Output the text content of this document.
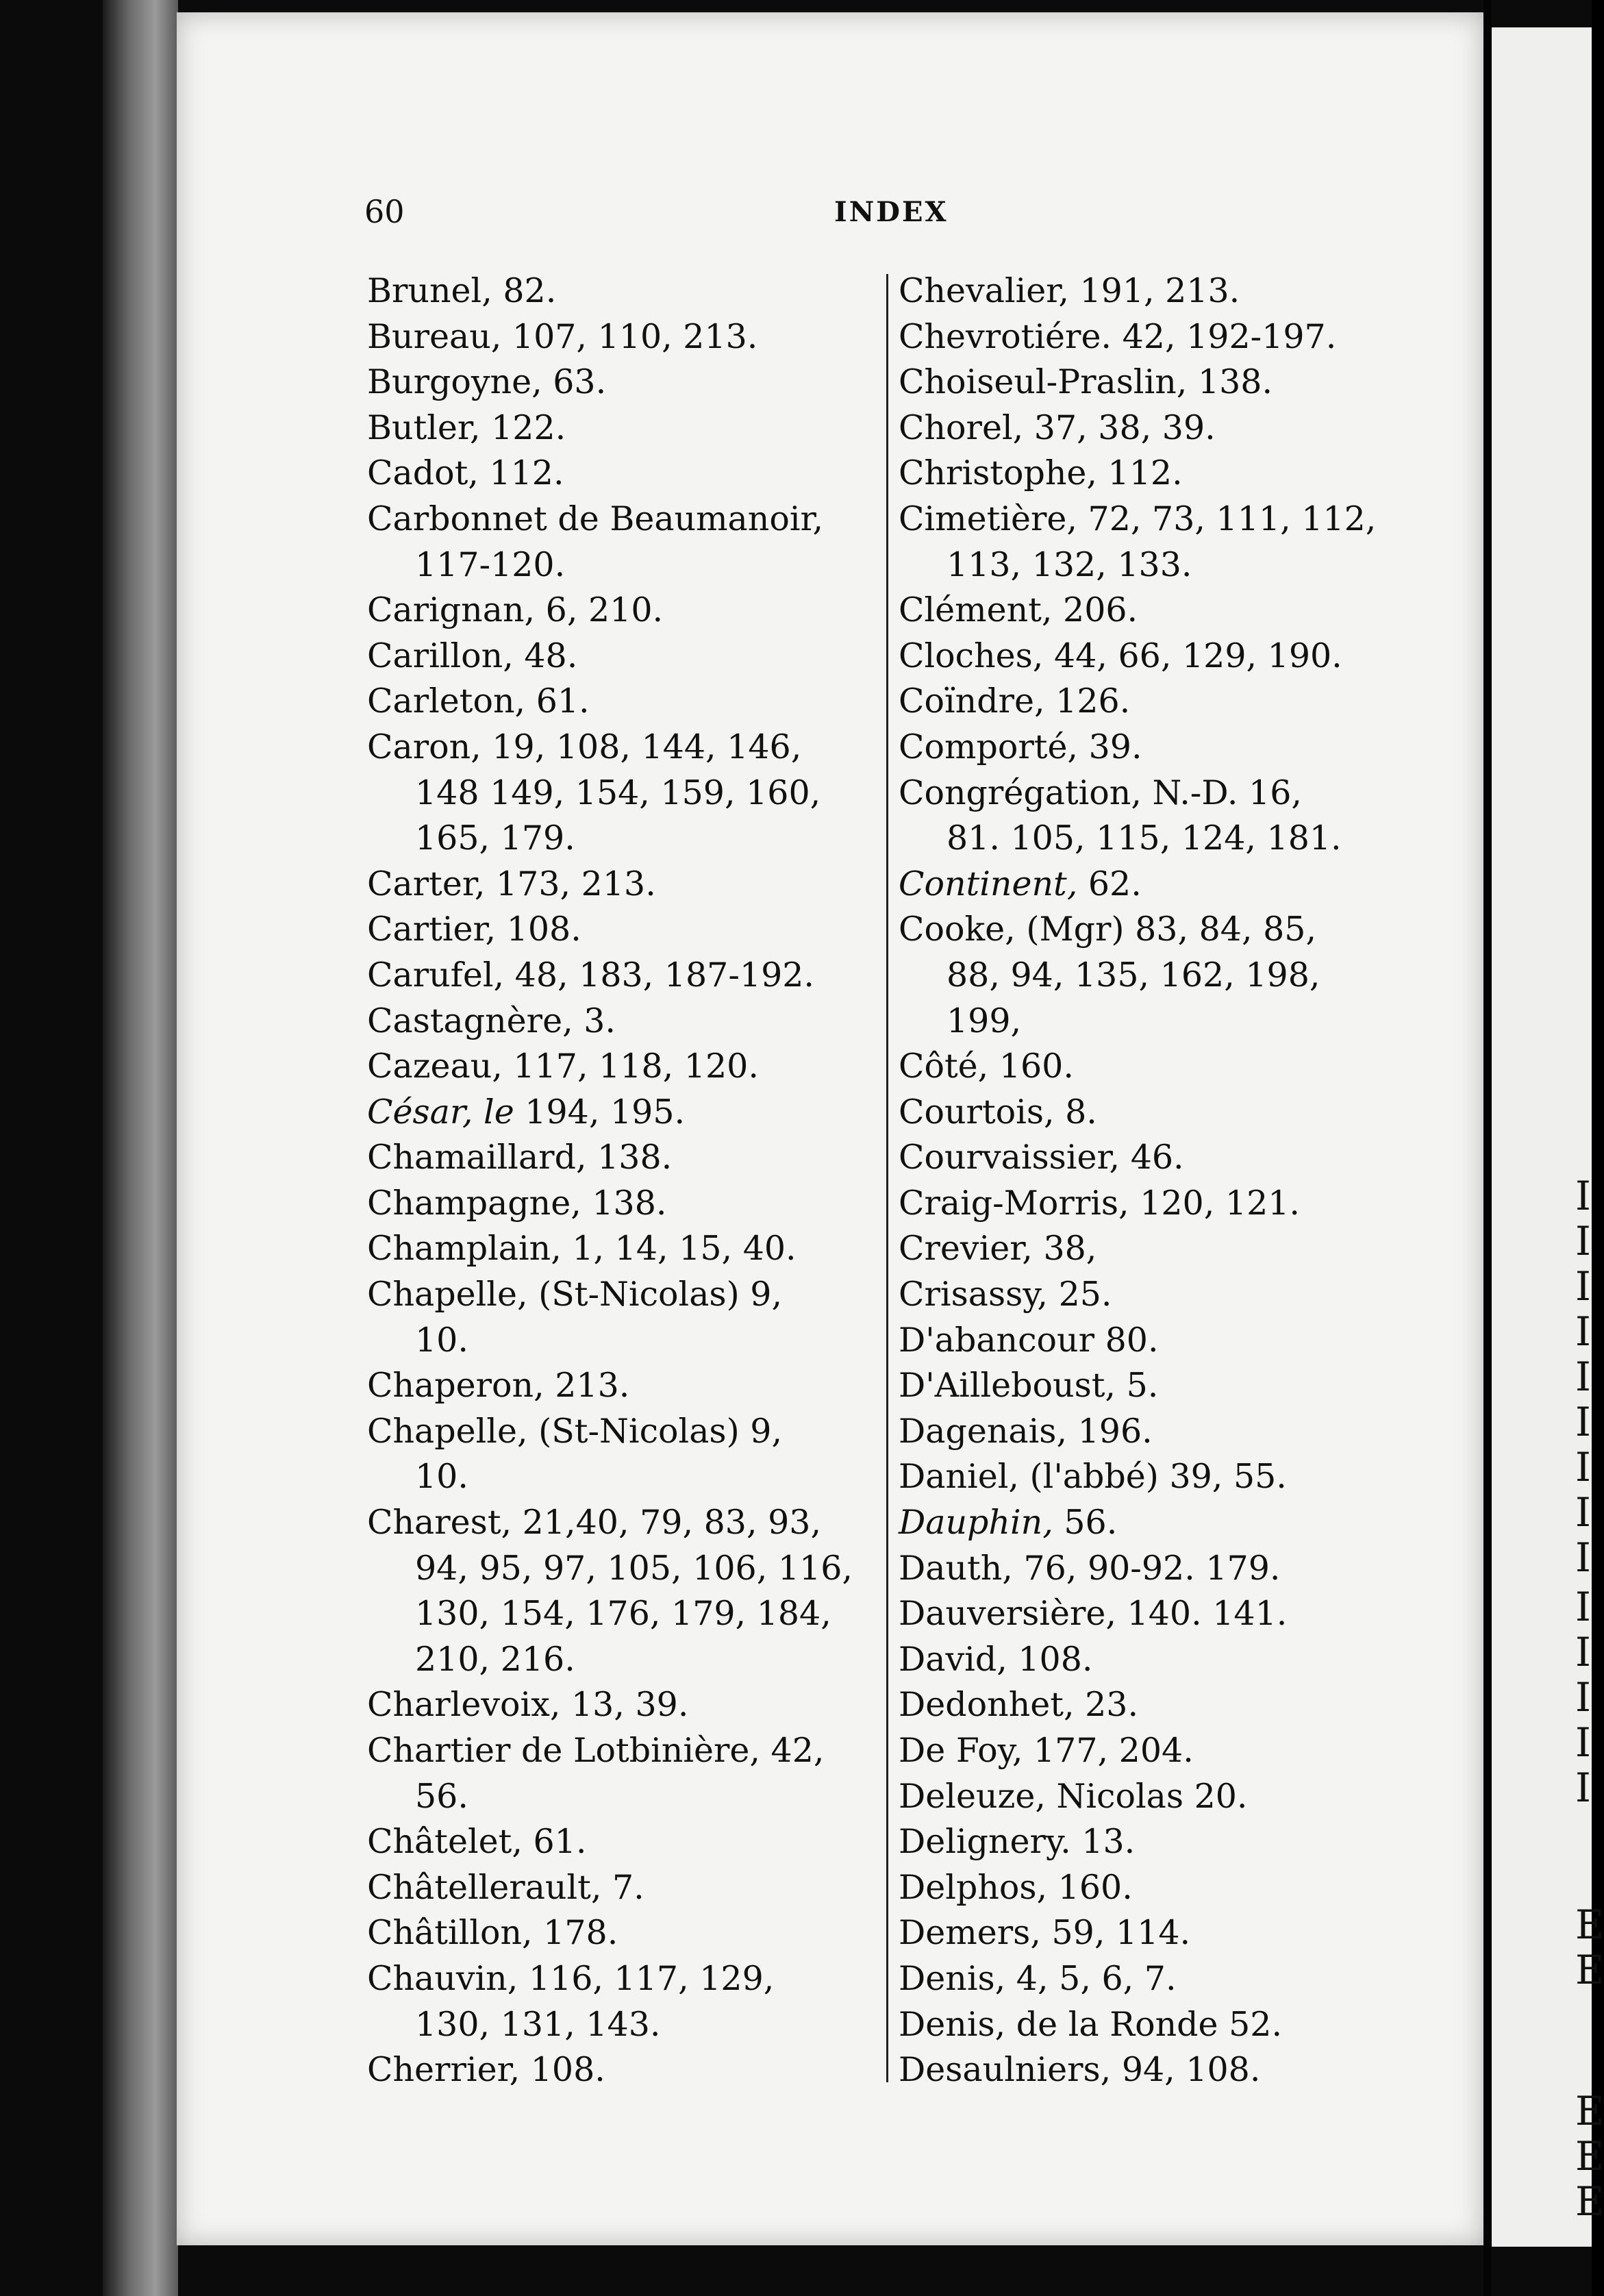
I
I
I
I
I
I
I
I
I
I
I
I
I
I
E
E
E
E
E
60	INDEX
Brunel, 82.
Bureau, 107, 110, 213.
Burgoyne, 63.
Butler, 122.
Cadot, 112.
Carbonnet de Beaumanoir,
117-120.
Carignan, 6, 210.
Carillon, 48.
Carleton, 61.
Caron, 19, 108, 144, 146,
148 149, 154, 159, 160,
165, 179.
Carter, 173, 213.
Cartier, 108.
Carufel, 48, 183, 187-192.
Castagnère, 3.
Cazeau, 117, 118, 120.
César, le 194, 195.
Chamaillard, 138.
Champagne, 138.
Champlain, 1, 14, 15, 40.
Chapelle, (St-Nicolas) 9,
10.
Chaperon, 213.
Chapelle, (St-Nicolas) 9,
10.
Charest, 21,40, 79, 83, 93,
94, 95, 97, 105, 106, 116,
130, 154, 176, 179, 184,
210, 216.
Charlevoix, 13, 39.
Chartier de Lotbinière, 42,
56.
Châtelet, 61.
Châtellerault, 7.
Châtillon, 178.
Chauvin, 116, 117, 129,
130, 131, 143.
Cherrier, 108.
Chevalier, 191, 213.
Chevrotiére. 42, 192-197.
Choiseul-Praslin, 138.
Chorel, 37, 38, 39.
Christophe, 112.
Cimetière, 72, 73, 111, 112,
113, 132, 133.
Clément, 206.
Cloches, 44, 66, 129, 190.
Coïndre, 126.
Comporté, 39.
Congrégation, N.-D. 16,
81. 105, 115, 124, 181.
Continent, 62.
Cooke, (Mgr) 83, 84, 85,
88, 94, 135, 162, 198,
199,
Côté, 160.
Courtois, 8.
Courvaissier, 46.
Craig-Morris, 120, 121.
Crevier, 38,
Crisassy, 25.
D'abancour 80.
D'Ailleboust, 5.
Dagenais, 196.
Daniel, (l'abbé) 39, 55.
Dauphin, 56.
Dauth, 76, 90-92. 179.
Dauversière, 140. 141.
David, 108.
Dedonhet, 23.
De Foy, 177, 204.
Deleuze, Nicolas 20.
Delignery. 13.
Delphos, 160.
Demers, 59, 114.
Denis, 4, 5, 6, 7.
Denis, de la Ronde 52.
Desaulniers, 94, 108.
